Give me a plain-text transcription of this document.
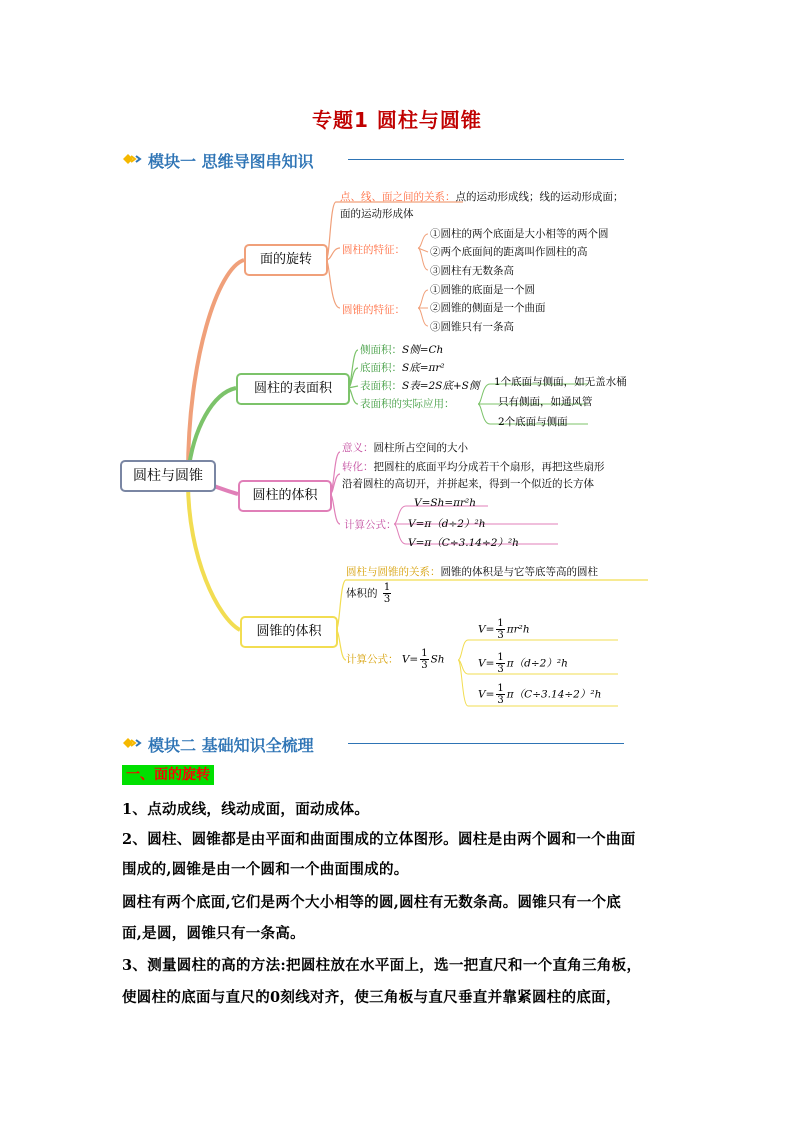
专题1 圆柱与圆锥
模块一 思维导图串知识
圆柱与圆锥
面的旋转
圆柱的表面积
圆柱的体积
圆锥的体积
点、线、面之间的关系：点的运动形成线；线的运动形成面；
面的运动形成体
圆柱的特征：
①圆柱的两个底面是大小相等的两个圆
②两个底面间的距离叫作圆柱的高
③圆柱有无数条高
圆锥的特征：
①圆锥的底面是一个圆
②圆锥的侧面是一个曲面
③圆锥只有一条高
侧面积：S侧=Ch
底面积：S底=πr²
表面积：S表=2S底+S侧
表面积的实际应用：
1个底面与侧面，如无盖水桶
只有侧面，如通风管
2个底面与侧面
意义：圆柱所占空间的大小
转化：把圆柱的底面平均分成若干个扇形，再把这些扇形
沿着圆柱的高切开，并拼起来，得到一个似近的长方体
计算公式：
V=Sh=πr²h
V=π（d÷2）²h
V=π（C÷3.14÷2）²h
圆柱与圆锥的关系：圆锥的体积是与它等底等高的圆柱
体积的 $\frac{1}{3}$
计算公式： $V= \frac{1}{3}$ Sh
$V= \frac{1}{3} \pi r^2h$
$V= \frac{1}{3} \pi(d\div 2)^2h$
$V= \frac{1}{3} \pi(C\div 3.14\div 2)^2h$
模块二 基础知识全梳理
一、面的旋转
1、点动成线，线动成面，面动成体。
2、圆柱、圆锥都是由平面和曲面围成的立体图形。圆柱是由两个圆和一个曲面
围成的,圆锥是由一个圆和一个曲面围成的。
圆柱有两个底面,它们是两个大小相等的圆,圆柱有无数条高。圆锥只有一个底
面,是圆，圆锥只有一条高。
3、测量圆柱的高的方法:把圆柱放在水平面上，选一把直尺和一个直角三角板，
使圆柱的底面与直尺的0刻线对齐，使三角板与直尺垂直并靠紧圆柱的底面，
